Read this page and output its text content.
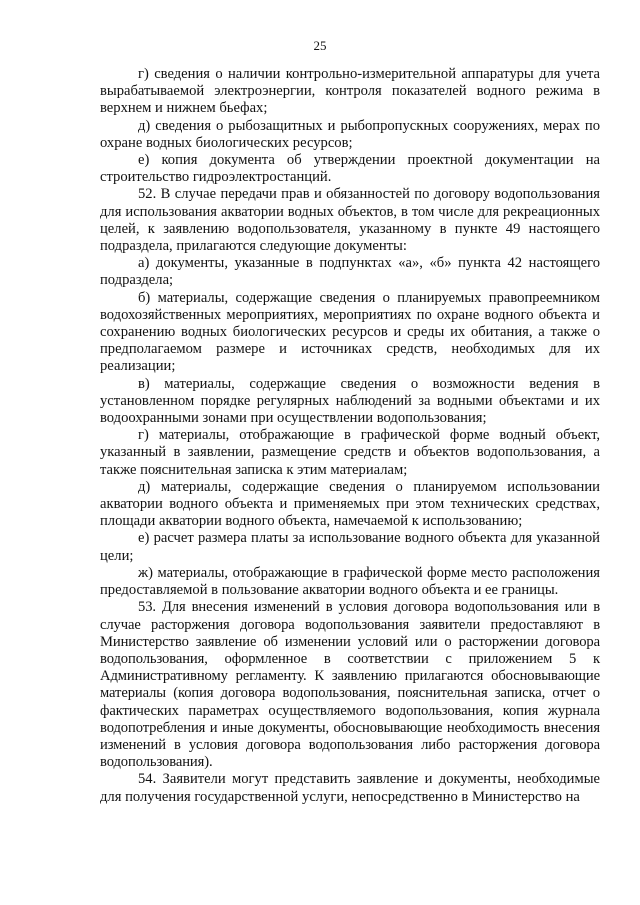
25

г) сведения о наличии контрольно-измерительной аппаратуры для учета вырабатываемой электроэнергии, контроля показателей водного режима в верхнем и нижнем бьефах;

д) сведения о рыбозащитных и рыбопропускных сооружениях, мерах по охране водных биологических ресурсов;

е) копия документа об утверждении проектной документации на строительство гидроэлектростанций.

52. В случае передачи прав и обязанностей по договору водопользования для использования акватории водных объектов, в том числе для рекреационных целей, к заявлению водопользователя, указанному в пункте 49 настоящего подраздела, прилагаются следующие документы:

а) документы, указанные в подпунктах «а», «б» пункта 42 настоящего подраздела;

б) материалы, содержащие сведения о планируемых правопреемником водохозяйственных мероприятиях, мероприятиях по охране водного объекта и сохранению водных биологических ресурсов и среды их обитания, а также о предполагаемом размере и источниках средств, необходимых для их реализации;

в) материалы, содержащие сведения о возможности ведения в установленном порядке регулярных наблюдений за водными объектами и их водоохранными зонами при осуществлении водопользования;

г) материалы, отображающие в графической форме водный объект, указанный в заявлении, размещение средств и объектов водопользования, а также пояснительная записка к этим материалам;

д) материалы, содержащие сведения о планируемом использовании акватории водного объекта и применяемых при этом технических средствах, площади акватории водного объекта, намечаемой к использованию;

е) расчет размера платы за использование водного объекта для указанной цели;

ж) материалы, отображающие в графической форме место расположения предоставляемой в пользование акватории водного объекта и ее границы.

53. Для внесения изменений в условия договора водопользования или в случае расторжения договора водопользования заявители предоставляют в Министерство заявление об изменении условий или о расторжении договора водопользования, оформленное в соответствии с приложением 5 к Административному регламенту. К заявлению прилагаются обосновывающие материалы (копия договора водопользования, пояснительная записка, отчет о фактических параметрах осуществляемого водопользования, копия журнала водопотребления и иные документы, обосновывающие необходимость внесения изменений в условия договора водопользования либо расторжения договора водопользования).

54. Заявители могут представить заявление и документы, необходимые для получения государственной услуги, непосредственно в Министерство на
